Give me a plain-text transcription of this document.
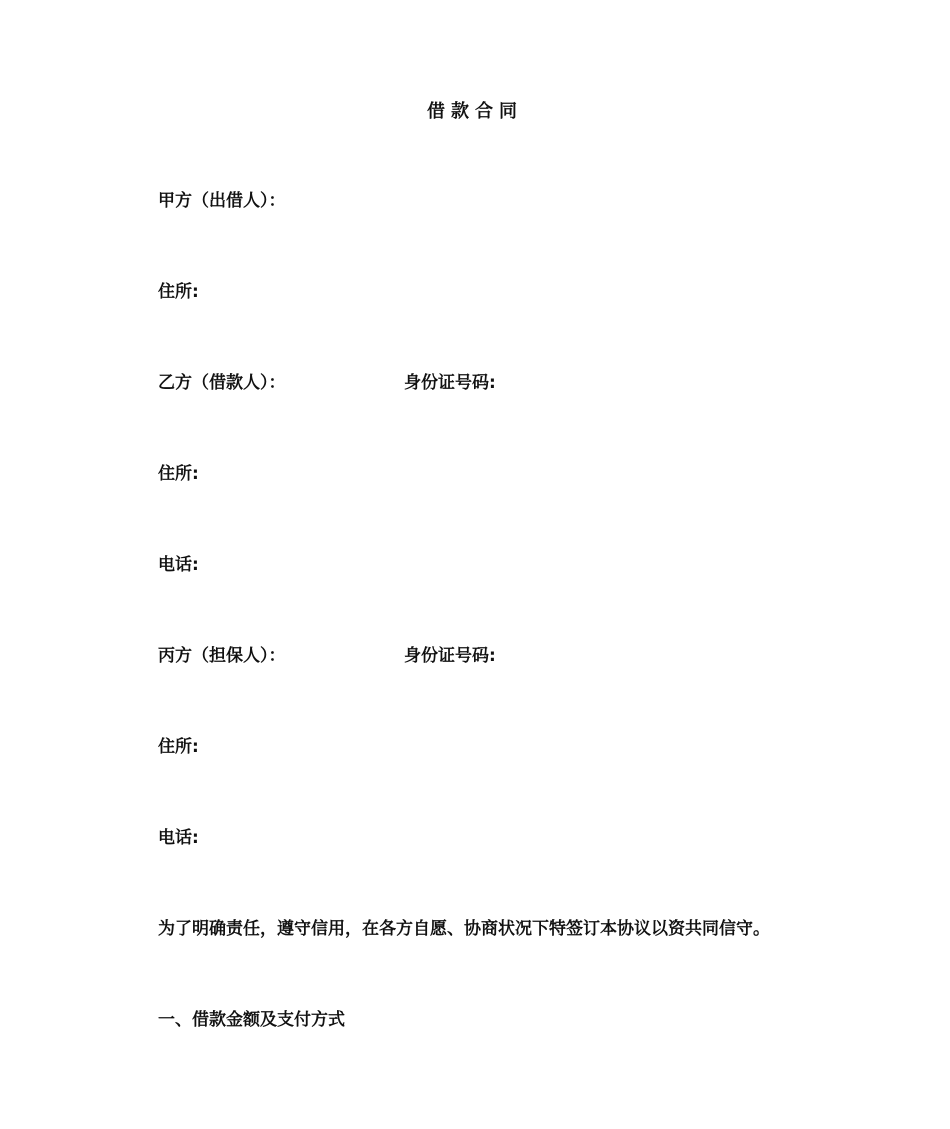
借款合同
甲方（出借人）：
住所:
乙方（借款人）：	身份证号码:
住所:
电话:
丙方（担保人）：	身份证号码:
住所:
电话:
为了明确责任，遵守信用，在各方自愿、协商状况下特签订本协议以资共同信守。
一、借款金额及支付方式
